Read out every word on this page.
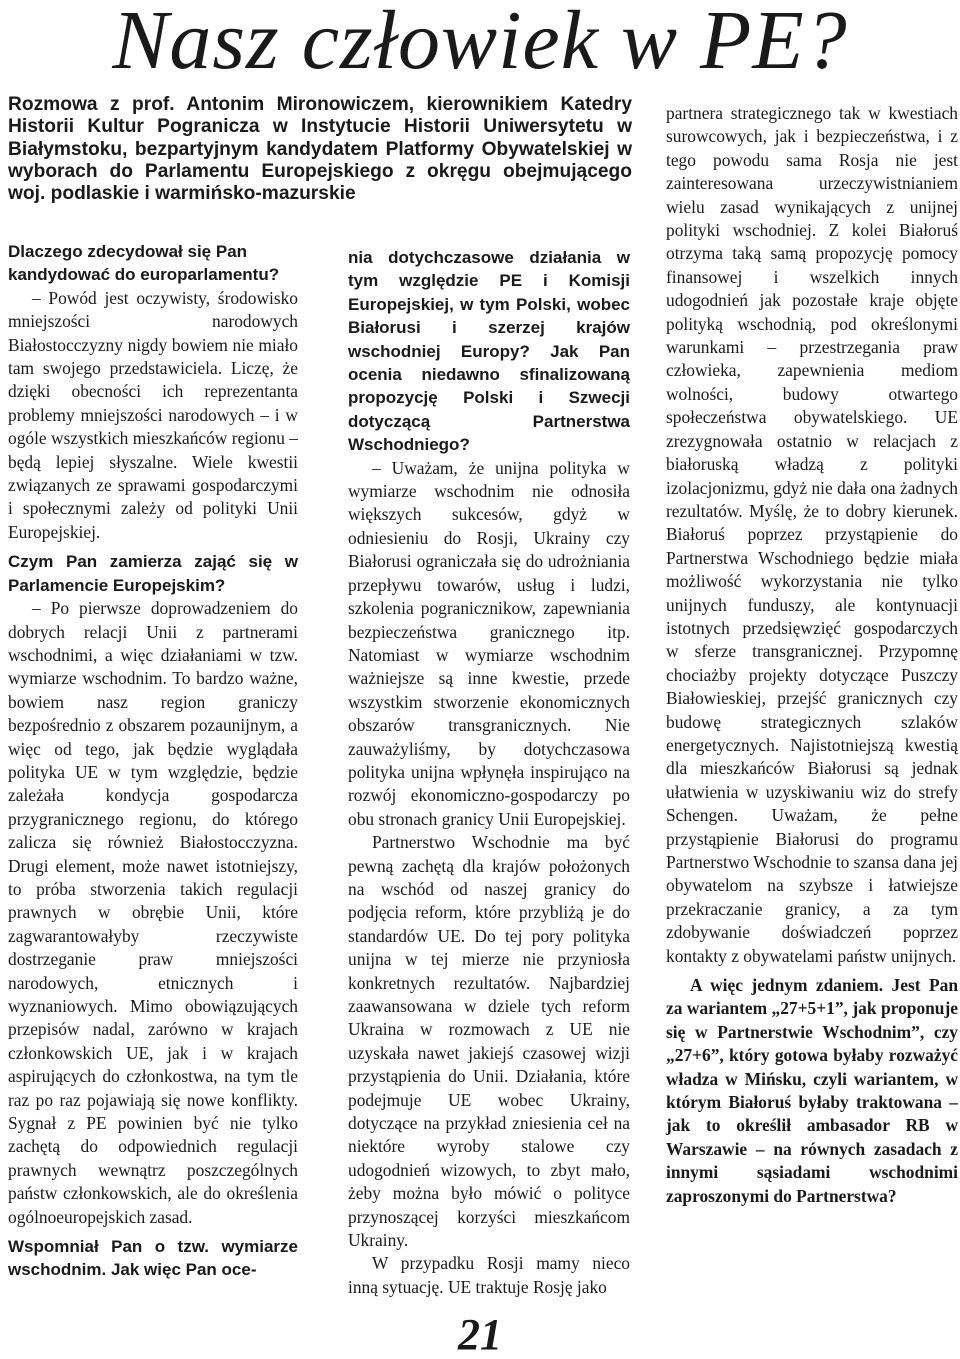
Nasz człowiek w PE?

Rozmowa z prof. Antonim Mironowiczem, kierownikiem Katedry Historii Kultur Pogranicza w Instytucie Historii Uniwersytetu w Białymstoku, bezpartyjnym kandydatem Platformy Obywatelskiej w wyborach do Parlamentu Europejskiego z okręgu obejmującego woj. podlaskie i warmińsko-mazurskie

Dlaczego zdecydował się Pan kandydować do europarlamentu?

– Powód jest oczywisty, środowisko mniejszości narodowych Białostocczyzny nigdy bowiem nie miało tam swojego przedstawiciela. Liczę, że dzięki obecności ich reprezentanta problemy mniejszości narodowych – i w ogóle wszystkich mieszkańców regionu – będą lepiej słyszalne. Wiele kwestii związanych ze sprawami gospodarczymi i społecznymi zależy od polityki Unii Europejskiej.

Czym Pan zamierza zająć się w Parlamencie Europejskim?

– Po pierwsze doprowadzeniem do dobrych relacji Unii z partnerami wschodnimi, a więc działaniami w tzw. wymiarze wschodnim. To bardzo ważne, bowiem nasz region graniczy bezpośrednio z obszarem pozaunijnym, a więc od tego, jak będzie wyglądała polityka UE w tym względzie, będzie zależała kondycja gospodarcza przygranicznego regionu, do którego zalicza się również Białostocczyzna. Drugi element, może nawet istotniejszy, to próba stworzenia takich regulacji prawnych w obrębie Unii, które zagwarantowałyby rzeczywiste dostrzeganie praw mniejszości narodowych, etnicznych i wyznaniowych. Mimo obowiązujących przepisów nadal, zarówno w krajach członkowskich UE, jak i w krajach aspirujących do członkostwa, na tym tle raz po raz pojawiają się nowe konflikty. Sygnał z PE powinien być nie tylko zachętą do odpowiednich regulacji prawnych wewnątrz poszczególnych państw członkowskich, ale do określenia ogólnoeuropejskich zasad.

Wspomniał Pan o tzw. wymiarze wschodnim. Jak więc Pan oce-

nia dotychczasowe działania w tym względzie PE i Komisji Europejskiej, w tym Polski, wobec Białorusi i szerzej krajów wschodniej Europy? Jak Pan ocenia niedawno sfinalizowaną propozycję Polski i Szwecji dotyczącą Partnerstwa Wschodniego?

– Uważam, że unijna polityka w wymiarze wschodnim nie odnosiła większych sukcesów, gdyż w odniesieniu do Rosji, Ukrainy czy Białorusi ograniczała się do udrożniania przepływu towarów, usług i ludzi, szkolenia pogranicznikow, zapewniania bezpieczeństwa granicznego itp. Natomiast w wymiarze wschodnim ważniejsze są inne kwestie, przede wszystkim stworzenie ekonomicznych obszarów transgranicznych. Nie zauważyliśmy, by dotychczasowa polityka unijna wpłynęła inspirująco na rozwój ekonomiczno-gospodarczy po obu stronach granicy Unii Europejskiej.

Partnerstwo Wschodnie ma być pewną zachętą dla krajów położonych na wschód od naszej granicy do podjęcia reform, które przybliżą je do standardów UE. Do tej pory polityka unijna w tej mierze nie przyniosła konkretnych rezultatów. Najbardziej zaawansowana w dziele tych reform Ukraina w rozmowach z UE nie uzyskała nawet jakiejś czasowej wizji przystąpienia do Unii. Działania, które podejmuje UE wobec Ukrainy, dotyczące na przykład zniesienia ceł na niektóre wyroby stalowe czy udogodnień wizowych, to zbyt mało, żeby można było mówić o polityce przynoszącej korzyści mieszkańcom Ukrainy.

W przypadku Rosji mamy nieco inną sytuację. UE traktuje Rosję jako

partnera strategicznego tak w kwestiach surowcowych, jak i bezpieczeństwa, i z tego powodu sama Rosja nie jest zainteresowana urzeczywistnianiem wielu zasad wynikających z unijnej polityki wschodniej. Z kolei Białoruś otrzyma taką samą propozycję pomocy finansowej i wszelkich innych udogodnień jak pozostałe kraje objęte polityką wschodnią, pod określonymi warunkami – przestrzegania praw człowieka, zapewnienia mediom wolności, budowy otwartego społeczeństwa obywatelskiego. UE zrezygnowała ostatnio w relacjach z białoruską władzą z polityki izolacjonizmu, gdyż nie dała ona żadnych rezultatów. Myślę, że to dobry kierunek. Białoruś poprzez przystąpienie do Partnerstwa Wschodniego będzie miała możliwość wykorzystania nie tylko unijnych funduszy, ale kontynuacji istotnych przedsięwzięć gospodarczych w sferze transgranicznej. Przypomnę chociażby projekty dotyczące Puszczy Białowieskiej, przejść granicznych czy budowę strategicznych szlaków energetycznych. Najistotniejszą kwestią dla mieszkańców Białorusi są jednak ułatwienia w uzyskiwaniu wiz do strefy Schengen. Uważam, że pełne przystąpienie Białorusi do programu Partnerstwo Wschodnie to szansa dana jej obywatelom na szybsze i łatwiejsze przekraczanie granicy, a za tym zdobywanie doświadczeń poprzez kontakty z obywatelami państw unijnych.

A więc jednym zdaniem. Jest Pan za wariantem „27+5+1”, jak proponuje się w Partnerstwie Wschodnim”, czy „27+6”, który gotowa byłaby rozważyć władza w Mińsku, czyli wariantem, w którym Białoruś byłaby traktowana – jak to określił ambasador RB w Warszawie – na równych zasadach z innymi sąsiadami wschodnimi zaproszonymi do Partnerstwa?

21
